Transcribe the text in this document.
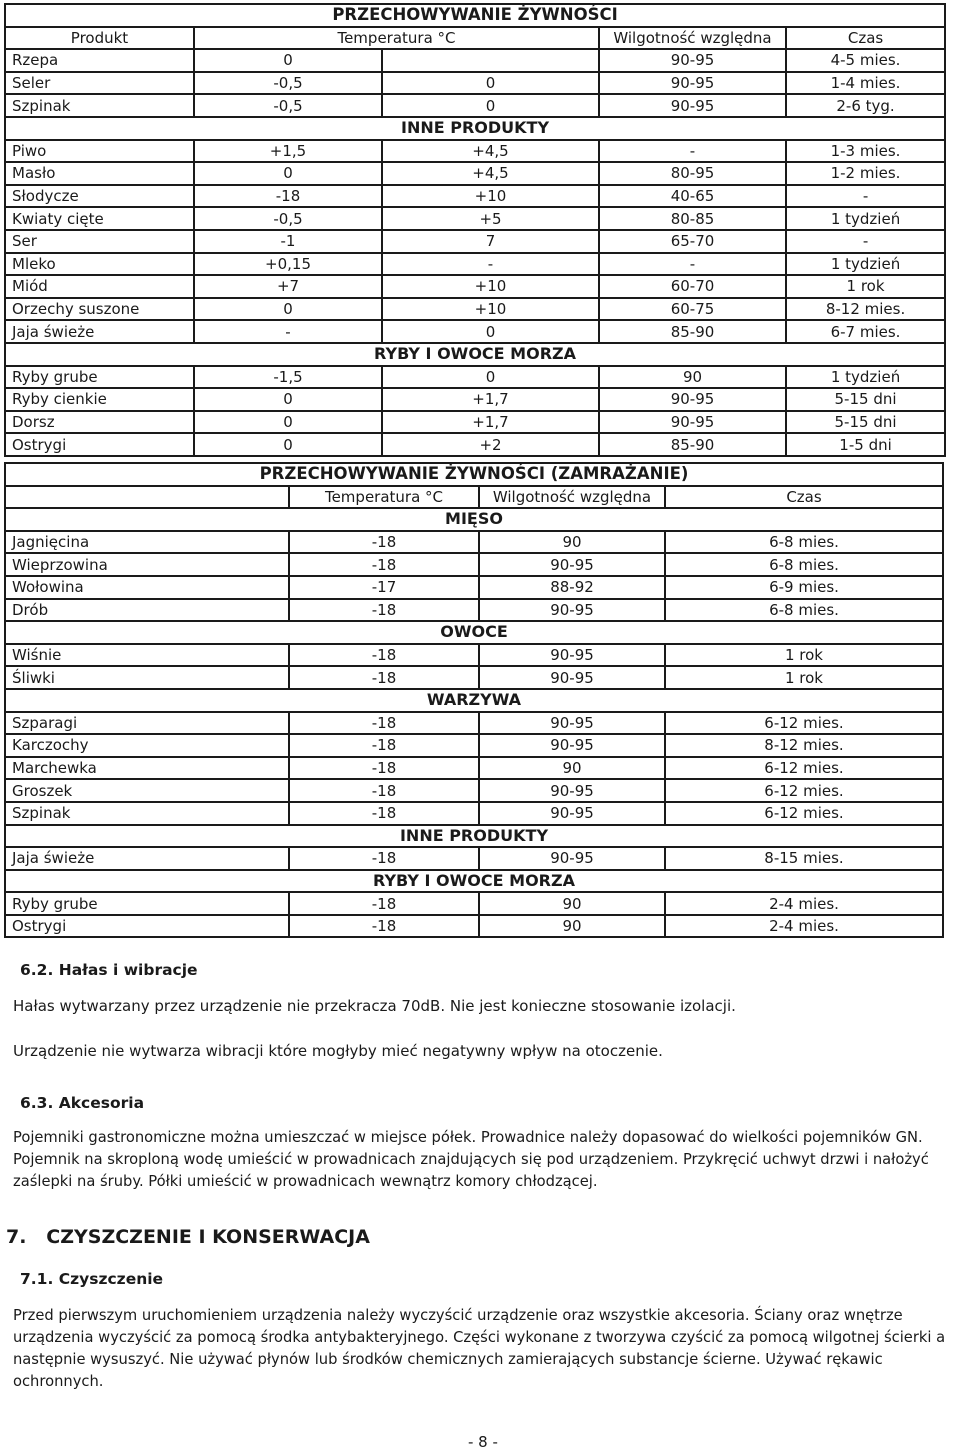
PRZECHOWYWANIE ŻYWNOŚCI				
Produkt	Temperatura °C		Wilgotność względna	Czas
Rzepa	0		90-95	4-5 mies.
Seler	-0,5	0	90-95	1-4 mies.
Szpinak	-0,5	0	90-95	2-6 tyg.
INNE PRODUKTY				
Piwo	+1,5	+4,5	-	1-3 mies.
Masło	0	+4,5	80-95	1-2 mies.
Słodycze	-18	+10	40-65	-
Kwiaty cięte	-0,5	+5	80-85	1 tydzień
Ser	-1	7	65-70	-
Mleko	+0,15	-	-	1 tydzień
Miód	+7	+10	60-70	1 rok
Orzechy suszone	0	+10	60-75	8-12 mies.
Jaja świeże	-	0	85-90	6-7 mies.
RYBY I OWOCE MORZA				
Ryby grube	-1,5	0	90	1 tydzień
Ryby cienkie	0	+1,7	90-95	5-15 dni
Dorsz	0	+1,7	90-95	5-15 dni
Ostrygi	0	+2	85-90	1-5 dni
PRZECHOWYWANIE ŻYWNOŚCI (ZAMRAŻANIE)			
	Temperatura °C	Wilgotność względna	Czas
MIĘSO			
Jagnięcina	-18	90	6-8 mies.
Wieprzowina	-18	90-95	6-8 mies.
Wołowina	-17	88-92	6-9 mies.
Drób	-18	90-95	6-8 mies.
OWOCE			
Wiśnie	-18	90-95	1 rok
Śliwki	-18	90-95	1 rok
WARZYWA			
Szparagi	-18	90-95	6-12 mies.
Karczochy	-18	90-95	8-12 mies.
Marchewka	-18	90	6-12 mies.
Groszek	-18	90-95	6-12 mies.
Szpinak	-18	90-95	6-12 mies.
INNE PRODUKTY			
Jaja świeże	-18	90-95	8-15 mies.
RYBY I OWOCE MORZA			
Ryby grube	-18	90	2-4 mies.
Ostrygi	-18	90	2-4 mies.
6.2. Hałas i wibracje

Hałas wytwarzany przez urządzenie nie przekracza 70dB. Nie jest konieczne stosowanie izolacji.

Urządzenie nie wytwarza wibracji które mogłyby mieć negatywny wpływ na otoczenie.

6.3. Akcesoria

Pojemniki gastronomiczne można umieszczać w miejsce półek. Prowadnice należy dopasować do wielkości pojemników GN. Pojemnik na skroploną wodę umieścić w prowadnicach znajdujących się pod urządzeniem. Przykręcić uchwyt drzwi i nałożyć zaślepki na śruby. Półki umieścić w prowadnicach wewnątrz komory chłodzącej.

7.   CZYSZCZENIE I KONSERWACJA
7.1. Czyszczenie

Przed pierwszym uruchomieniem urządzenia należy wyczyścić urządzenie oraz wszystkie akcesoria. Ściany oraz wnętrze urządzenia wyczyścić za pomocą środka antybakteryjnego. Części wykonane z tworzywa czyścić za pomocą wilgotnej ścierki a następnie wysuszyć. Nie używać płynów lub środków chemicznych zamierających substancje ścierne. Używać rękawic ochronnych.

- 8 -
